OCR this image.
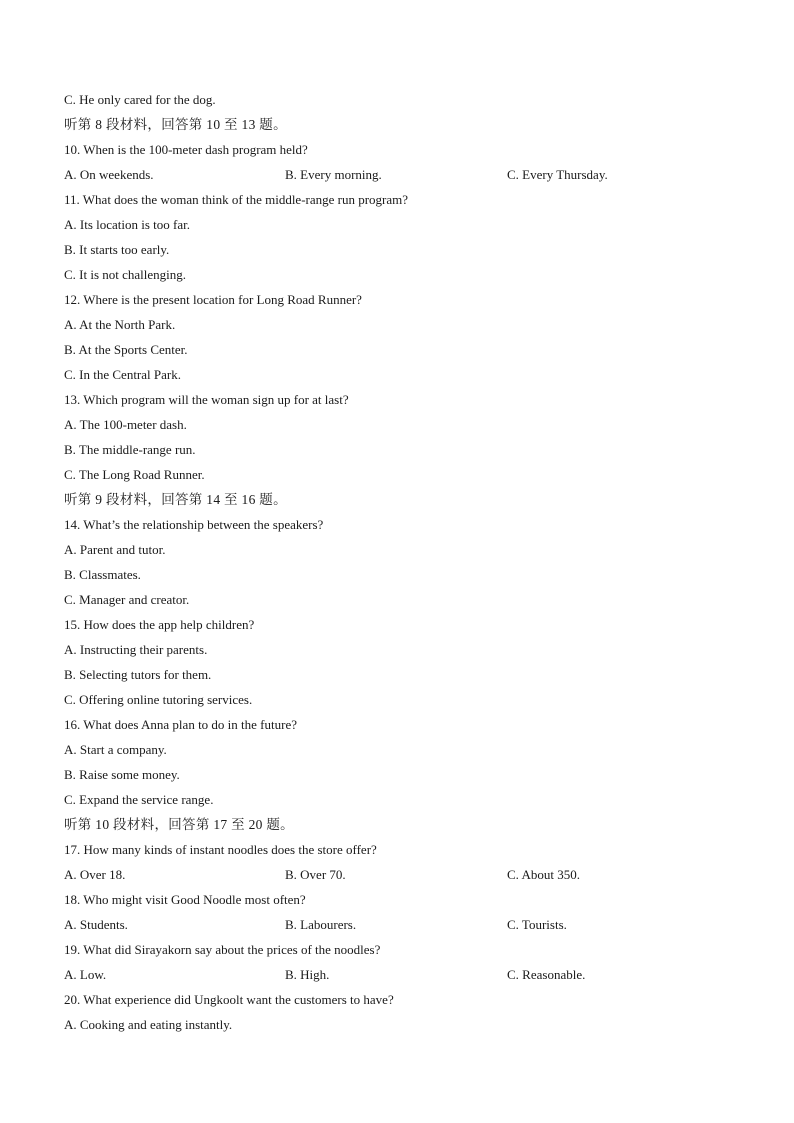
C. He only cared for the dog.
听第 8 段材料，回答第 10 至 13 题。
10. When is the 100-meter dash program held?
A. On weekends.	B. Every morning.	C. Every Thursday.
11. What does the woman think of the middle-range run program?
A. Its location is too far.
B. It starts too early.
C. It is not challenging.
12. Where is the present location for Long Road Runner?
A. At the North Park.
B. At the Sports Center.
C. In the Central Park.
13. Which program will the woman sign up for at last?
A. The 100-meter dash.
B. The middle-range run.
C. The Long Road Runner.
听第 9 段材料，回答第 14 至 16 题。
14. What’s the relationship between the speakers?
A. Parent and tutor.
B. Classmates.
C. Manager and creator.
15. How does the app help children?
A. Instructing their parents.
B. Selecting tutors for them.
C. Offering online tutoring services.
16. What does Anna plan to do in the future?
A. Start a company.
B. Raise some money.
C. Expand the service range.
听第 10 段材料，回答第 17 至 20 题。
17. How many kinds of instant noodles does the store offer?
A. Over 18.	B. Over 70.	C. About 350.
18. Who might visit Good Noodle most often?
A. Students.	B. Labourers.	C. Tourists.
19. What did Sirayakorn say about the prices of the noodles?
A. Low.	B. High.	C. Reasonable.
20. What experience did Ungkoolt want the customers to have?
A. Cooking and eating instantly.
